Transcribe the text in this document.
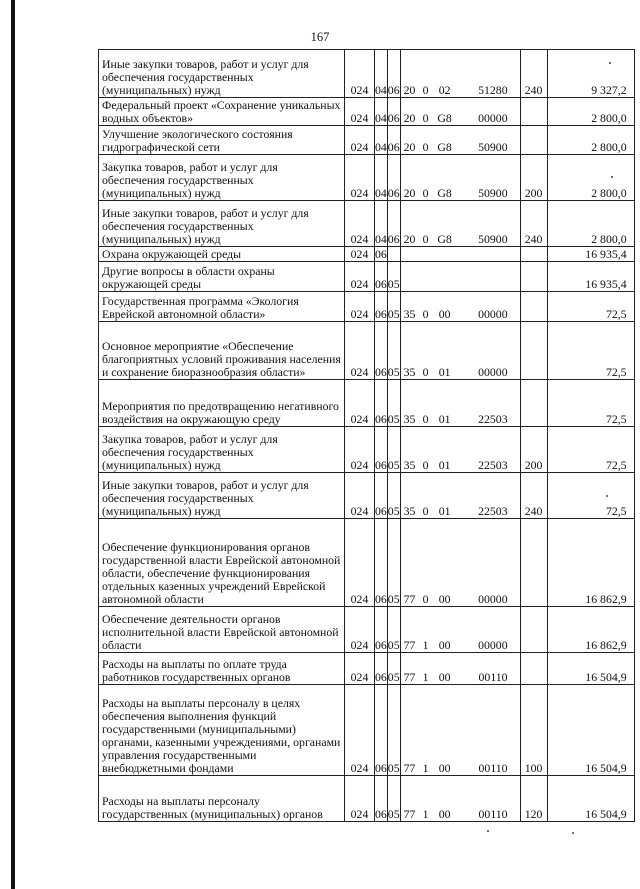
167
Иные закупки товаров, работ и услуг для обеспечения государственных (муниципальных) нужд	024	04	06	20 0 02 51280	240	9 327,2
Федеральный проект «Сохранение уникальных водных объектов»	024	04	06	20 0 G8 00000		2 800,0
Улучшение экологического состояния гидрографической сети	024	04	06	20 0 G8 50900		2 800,0
Закупка товаров, работ и услуг для обеспечения государственных (муниципальных) нужд	024	04	06	20 0 G8 50900	200	2 800,0
Иные закупки товаров, работ и услуг для обеспечения государственных (муниципальных) нужд	024	04	06	20 0 G8 50900	240	2 800,0
Охрана окружающей среды	024	06				16 935,4
Другие вопросы в области охраны окружающей среды	024	06	05			16 935,4
Государственная программа «Экология Еврейской автономной области»	024	06	05	35 0 00 00000		72,5
Основное мероприятие «Обеспечение благоприятных условий проживания населения и сохранение биоразнообразия области»	024	06	05	35 0 01 00000		72,5
Мероприятия по предотвращению негативного воздействия на окружающую среду	024	06	05	35 0 01 22503		72,5
Закупка товаров, работ и услуг для обеспечения государственных (муниципальных) нужд	024	06	05	35 0 01 22503	200	72,5
Иные закупки товаров, работ и услуг для обеспечения государственных (муниципальных) нужд	024	06	05	35 0 01 22503	240	72,5
Обеспечение функционирования органов государственной власти Еврейской автономной области, обеспечение функционирования отдельных казенных учреждений Еврейской автономной области	024	06	05	77 0 00 00000		16 862,9
Обеспечение деятельности органов исполнительной власти Еврейской автономной области	024	06	05	77 1 00 00000		16 862,9
Расходы на выплаты по оплате труда работников государственных органов	024	06	05	77 1 00 00110		16 504,9
Расходы на выплаты персоналу в целях обеспечения выполнения функций государственными (муниципальными) органами, казенными учреждениями, органами управления государственными внебюджетными фондами	024	06	05	77 1 00 00110	100	16 504,9
Расходы на выплаты персоналу государственных (муниципальных) органов	024	06	05	77 1 00 00110	120	16 504,9
